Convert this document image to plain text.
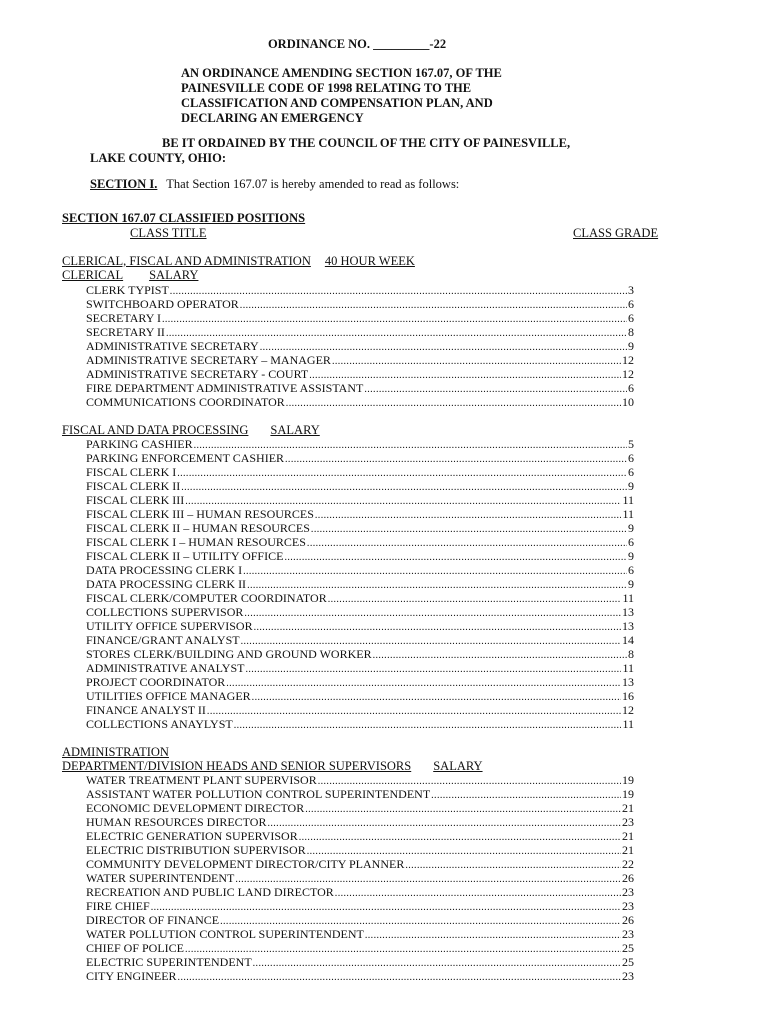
ORDINANCE NO. _________-22
AN ORDINANCE AMENDING SECTION 167.07, OF THE
PAINESVILLE CODE OF 1998 RELATING TO THE
CLASSIFICATION AND COMPENSATION PLAN, AND
DECLARING AN EMERGENCY
BE IT ORDAINED BY THE COUNCIL OF THE CITY OF PAINESVILLE,
LAKE COUNTY, OHIO:
SECTION I. That Section 167.07 is hereby amended to read as follows:
SECTION 167.07 CLASSIFIED POSITIONS
CLASS TITLE	CLASS GRADE
CLERICAL, FISCAL AND ADMINISTRATION 40 HOUR WEEK
CLERICAL SALARY
CLERK TYPIST .....	3
SWITCHBOARD OPERATOR .....	6
SECRETARY I .....	6
SECRETARY II .....	8
ADMINISTRATIVE SECRETARY .....	9
ADMINISTRATIVE SECRETARY – MANAGER .....	12
ADMINISTRATIVE SECRETARY - COURT .....	12
FIRE DEPARTMENT ADMINISTRATIVE ASSISTANT .....	6
COMMUNICATIONS COORDINATOR .....	10
FISCAL AND DATA PROCESSING SALARY
PARKING CASHIER .....	5
PARKING ENFORCEMENT CASHIER .....	6
FISCAL CLERK I .....	6
FISCAL CLERK II .....	9
FISCAL CLERK III .....	11
FISCAL CLERK III – HUMAN RESOURCES .....	11
FISCAL CLERK II – HUMAN RESOURCES .....	9
FISCAL CLERK I – HUMAN RESOURCES .....	6
FISCAL CLERK II – UTILITY OFFICE .....	9
DATA PROCESSING CLERK I .....	6
DATA PROCESSING CLERK II .....	9
FISCAL CLERK/COMPUTER COORDINATOR .....	11
COLLECTIONS SUPERVISOR .....	13
UTILITY OFFICE SUPERVISOR .....	13
FINANCE/GRANT ANALYST .....	14
STORES CLERK/BUILDING AND GROUND WORKER .....	8
ADMINISTRATIVE ANALYST .....	11
PROJECT COORDINATOR .....	13
UTILITIES OFFICE MANAGER .....	16
FINANCE ANALYST II .....	12
COLLECTIONS ANAYLYST .....	11
ADMINISTRATION
DEPARTMENT/DIVISION HEADS AND SENIOR SUPERVISORS SALARY
WATER TREATMENT PLANT SUPERVISOR .....	19
ASSISTANT WATER POLLUTION CONTROL SUPERINTENDENT .....	19
ECONOMIC DEVELOPMENT DIRECTOR .....	21
HUMAN RESOURCES DIRECTOR .....	23
ELECTRIC GENERATION SUPERVISOR .....	21
ELECTRIC DISTRIBUTION SUPERVISOR .....	21
COMMUNITY DEVELOPMENT DIRECTOR/CITY PLANNER .....	22
WATER SUPERINTENDENT .....	26
RECREATION AND PUBLIC LAND DIRECTOR .....	23
FIRE CHIEF .....	23
DIRECTOR OF FINANCE .....	26
WATER POLLUTION CONTROL SUPERINTENDENT .....	23
CHIEF OF POLICE .....	25
ELECTRIC SUPERINTENDENT .....	25
CITY ENGINEER .....	23
